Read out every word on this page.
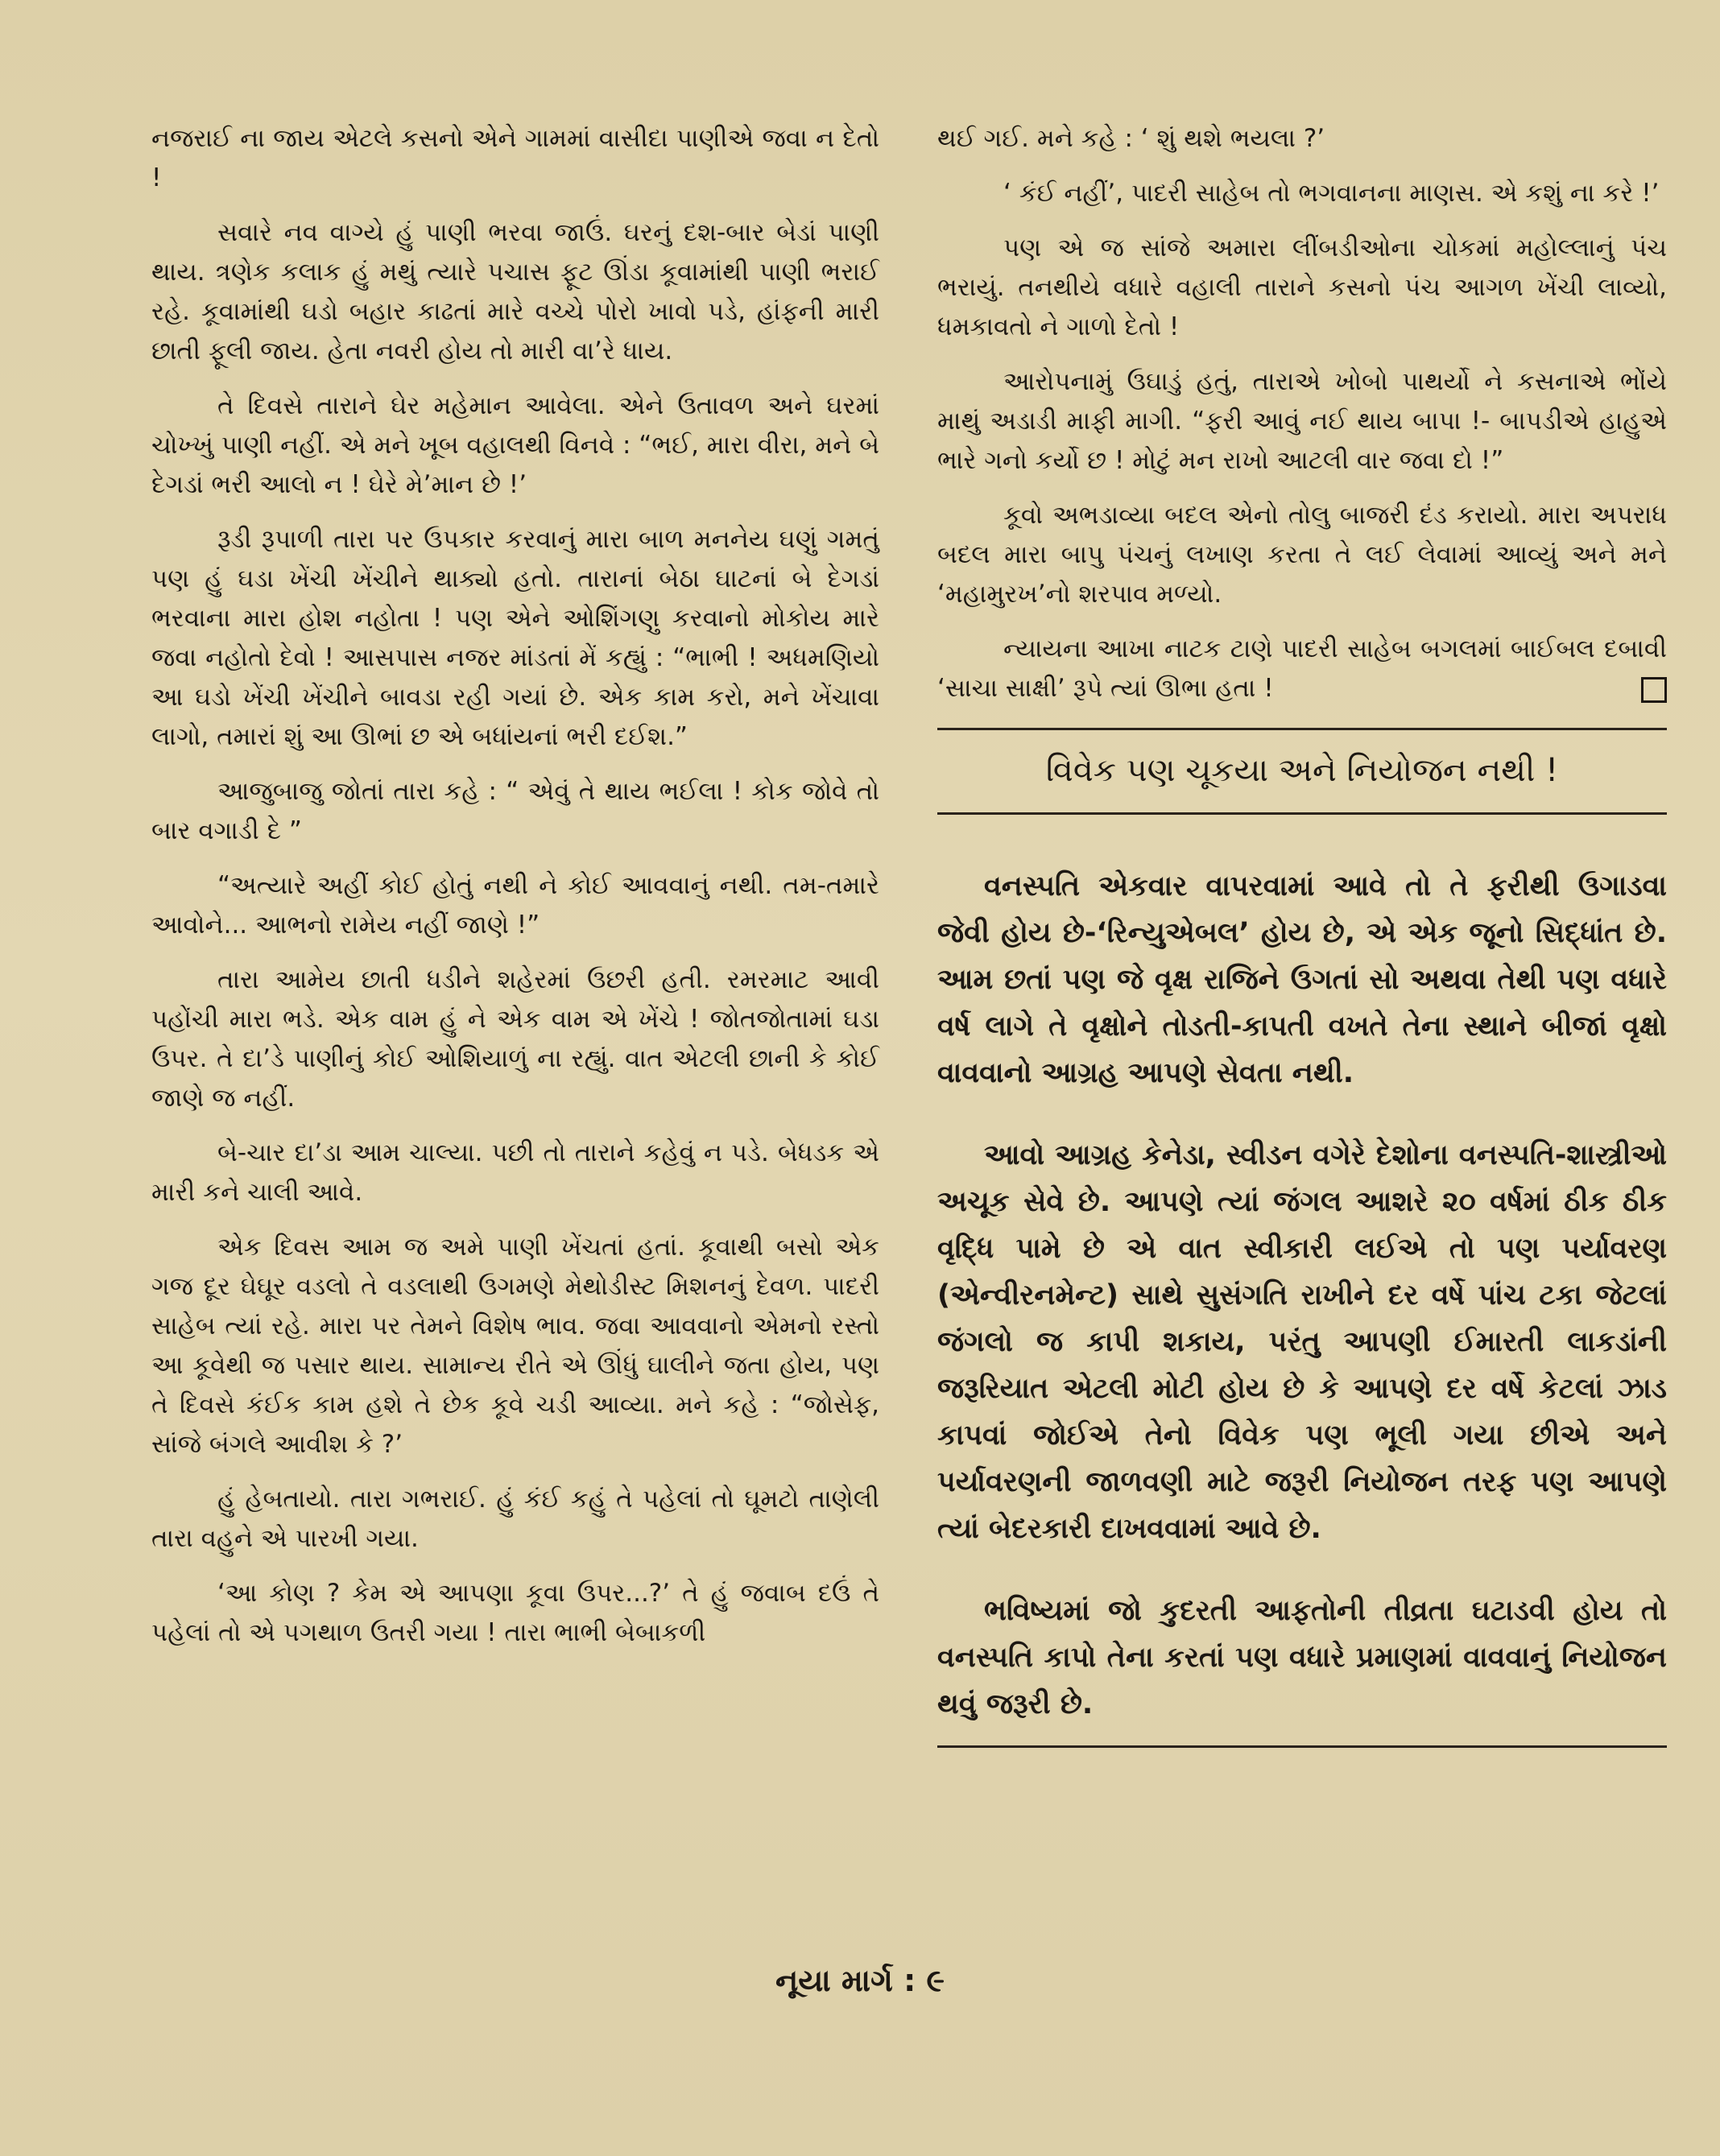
નજરાઈ ના જાય એટલે કસનો એને ગામમાં વાસીદા પાણીએ જવા ન દેતો !

સવારે નવ વાગ્યે હું પાણી ભરવા જાઉં. ઘરનું દશ-બાર બેડાં પાણી થાય. ત્રણેક કલાક હું મથું ત્યારે પચાસ ફૂટ ઊંડા કૂવામાંથી પાણી ભરાઈ રહે. કૂવામાંથી ઘડો બહાર કાઢતાં મારે વચ્ચે પોરો ખાવો પડે, હાંફની મારી છાતી ફૂલી જાય. હેતા નવરી હોય તો મારી વા’રે ધાય.

તે દિવસે તારાને ઘેર મહેમાન આવેલા. એને ઉતાવળ અને ઘરમાં ચોખ્ખું પાણી નહીં. એ મને ખૂબ વહાલથી વિનવે : “ભઈ, મારા વીરા, મને બે દેગડાં ભરી આલો ન ! ઘેરે મે’માન છે !’

રૂડી રૂપાળી તારા પર ઉપકાર કરવાનું મારા બાળ મનનેય ઘણું ગમતું પણ હું ઘડા ખેંચી ખેંચીને થાક્યો હતો. તારાનાં બેઠા ઘાટનાં બે દેગડાં ભરવાના મારા હોશ નહોતા ! પણ એને ઓશિંગણુ કરવાનો મોકોય મારે જવા નહોતો દેવો ! આસપાસ નજર માંડતાં મેં કહ્યું : “ભાભી ! અધમણિયો આ ઘડો ખેંચી ખેંચીને બાવડા રહી ગયાં છે. એક કામ કરો, મને ખેંચાવા લાગો, તમારાં શું આ ઊભાં છ એ બધાંયનાં ભરી દઈશ.”

આજુબાજુ જોતાં તારા કહે : “ એવું તે થાય ભઈલા ! કોક જોવે તો બાર વગાડી દે ”

“અત્યારે અહીં કોઈ હોતું નથી ને કોઈ આવવાનું નથી. તમ-તમારે આવોને... આભનો રામેય નહીં જાણે !”

તારા આમેય છાતી ધડીને શહેરમાં ઉછરી હતી. રમરમાટ આવી પહોંચી મારા ભડે. એક વામ હું ને એક વામ એ ખેંચે ! જોતજોતામાં ઘડા ઉપર. તે દા’ડે પાણીનું કોઈ ઓશિયાળું ના રહ્યું. વાત એટલી છાની કે કોઈ જાણે જ નહીં.

બે-ચાર દા’ડા આમ ચાલ્યા. પછી તો તારાને કહેવું ન પડે. બેધડક એ મારી કને ચાલી આવે.

એક દિવસ આમ જ અમે પાણી ખેંચતાં હતાં. કૂવાથી બસો એક ગજ દૂર ઘેઘૂર વડલો તે વડલાથી ઉગમણે મેથોડીસ્ટ મિશનનું દેવળ. પાદરી સાહેબ ત્યાં રહે. મારા પર તેમને વિશેષ ભાવ. જવા આવવાનો એમનો રસ્તો આ કૂવેથી જ પસાર થાય. સામાન્ય રીતે એ ઊંધું ઘાલીને જતા હોય, પણ તે દિવસે કંઈક કામ હશે તે છેક કૂવે ચડી આવ્યા. મને કહે : “જોસેફ, સાંજે બંગલે આવીશ કે ?’

હું હેબતાયો. તારા ગભરાઈ. હું કંઈ કહું તે પહેલાં તો ઘૂમટો તાણેલી તારા વહુને એ પારખી ગયા.

‘આ કોણ ? કેમ એ આપણા કૂવા ઉપર...?’ તે હું જવાબ દઉં તે પહેલાં તો એ પગથાળ ઉતરી ગયા ! તારા ભાભી બેબાકળી

થઈ ગઈ. મને કહે : ‘ શું થશે ભયલા ?’

‘ કંઈ નહીં’, પાદરી સાહેબ તો ભગવાનના માણસ. એ કશું ના કરે !’

પણ એ જ સાંજે અમારા લીંબડીઓના ચોકમાં મહોલ્લાનું પંચ ભરાયું. તનથીયે વધારે વહાલી તારાને કસનો પંચ આગળ ખેંચી લાવ્યો, ધમકાવતો ને ગાળો દેતો !

આરોપનામું ઉઘાડું હતું, તારાએ ખોબો પાથર્યો ને કસનાએ ભોંયે માથું અડાડી માફી માગી. “ફરી આવું નઈ થાય બાપા !- બાપડીએ હાહુએ ભારે ગનો કર્યો છ ! મોટું મન રાખો આટલી વાર જવા દો !”

કૂવો અભડાવ્યા બદલ એનો તોલુ બાજરી દંડ કરાયો. મારા અપરાધ બદલ મારા બાપુ પંચનું લખાણ કરતા તે લઈ લેવામાં આવ્યું અને મને ‘મહામુરખ’નો શરપાવ મળ્યો.

ન્યાયના આખા નાટક ટાણે પાદરી સાહેબ બગલમાં બાઈબલ દબાવી ‘સાચા સાક્ષી’ રૂપે ત્યાં ઊભા હતા !

વિવેક પણ ચૂકયા અને નિયોજન નથી !

વનસ્પતિ એકવાર વાપરવામાં આવે તો તે ફરીથી ઉગાડવા જેવી હોય છે-‘રિન્યુએબલ’ હોય છે, એ એક જૂનો સિદ્ધાંત છે. આમ છતાં પણ જે વૃક્ષ રાજિને ઉગતાં સો અથવા તેથી પણ વધારે વર્ષ લાગે તે વૃક્ષોને તોડતી-કાપતી વખતે તેના સ્થાને બીજાં વૃક્ષો વાવવાનો આગ્રહ આપણે સેવતા નથી.

આવો આગ્રહ કેનેડા, સ્વીડન વગેરે દેશોના વનસ્પતિ-શાસ્ત્રીઓ અચૂક સેવે છે. આપણે ત્યાં જંગલ આશરે ૨૦ વર્ષમાં ઠીક ઠીક વૃદ્ધિ પામે છે એ વાત સ્વીકારી લઈએ તો પણ પર્યાવરણ (એન્વીરનમેન્ટ) સાથે સુસંગતિ રાખીને દર વર્ષે પાંચ ટકા જેટલાં જંગલો જ કાપી શકાય, પરંતુ આપણી ઈમારતી લાકડાંની જરૂરિયાત એટલી મોટી હોય છે કે આપણે દર વર્ષે કેટલાં ઝાડ કાપવાં જોઈએ તેનો વિવેક પણ ભૂલી ગયા છીએ અને પર્યાવરણની જાળવણી માટે જરૂરી નિયોજન તરફ પણ આપણે ત્યાં બેદરકારી દાખવવામાં આવે છે.

ભવિષ્યમાં જો કુદરતી આફતોની તીવ્રતા ઘટાડવી હોય તો વનસ્પતિ કાપો તેના કરતાં પણ વધારે પ્રમાણમાં વાવવાનું નિયોજન થવું જરૂરી છે.

નૂયા માર્ગ : ૯
